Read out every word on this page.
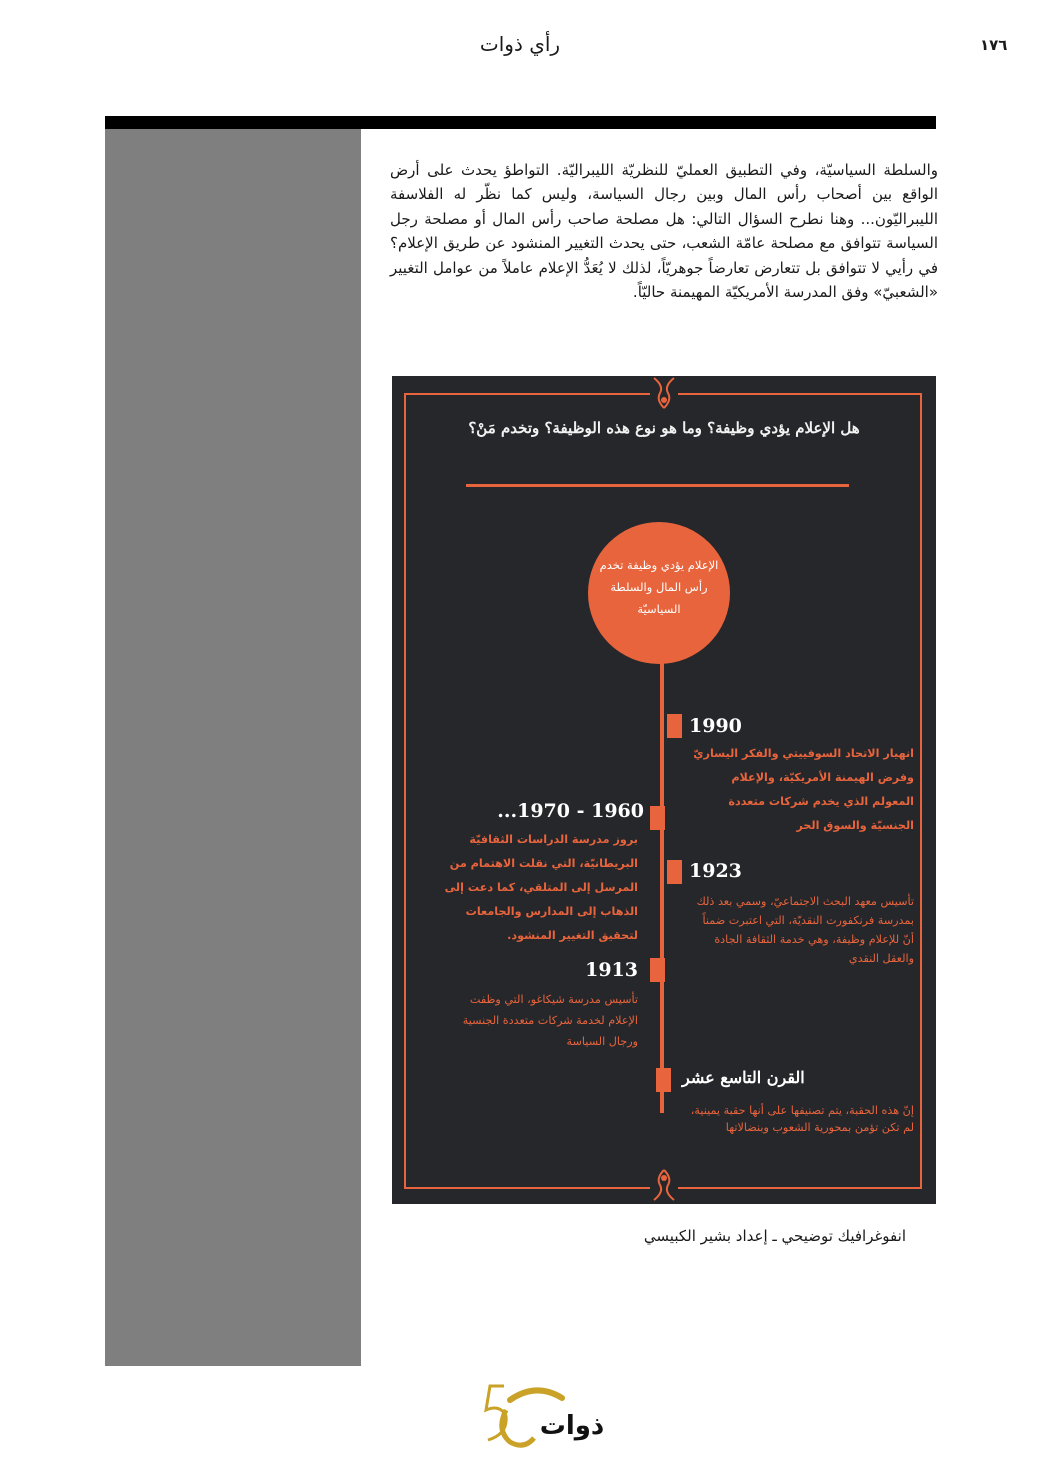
١٧٦
رأي ذوات

والسلطة السياسيّة، وفي التطبيق العمليّ للنظريّة الليبراليّة. التواطؤ يحدث على أرض الواقع بين أصحاب رأس المال وبين رجال السياسة، وليس كما نظّر له الفلاسفة الليبراليّون... وهنا نطرح السؤال التالي: هل مصلحة صاحب رأس المال أو مصلحة رجل السياسة تتوافق مع مصلحة عامّة الشعب، حتى يحدث التغيير المنشود عن طريق الإعلام؟ في رأيي لا تتوافق بل تتعارض تعارضاً جوهريّاً، لذلك لا يُعَدُّ الإعلام عاملاً من عوامل التغيير «الشعبيّ» وفق المدرسة الأمريكيّة المهيمنة حاليّاً.

هل الإعلام يؤدي وظيفة؟ وما هو نوع هذه الوظيفة؟ وتخدم مَنْ؟
الإعلام يؤدي وظيفة تخدم رأس المال والسلطة السياسيّة
1990
انهيار الاتحاد السوفييتي والفكر اليساريّ وفرض الهيمنة الأمريكيّة، والإعلام المعولم الذي يخدم شركات متعددة الجنسيّة والسوق الحر
1960 - 1970...
بروز مدرسة الدراسات الثقافيّة البريطانيّة، التي نقلت الاهتمام من المرسل إلى المتلقي، كما دعت إلى الذهاب إلى المدارس والجامعات لتحقيق التغيير المنشود.
1923
تأسيس معهد البحث الاجتماعيّ، وسمي بعد ذلك بمدرسة فرنكفورت النقديّة، التي اعتبرت ضمناً أنّ للإعلام وظيفة، وهي خدمة الثقافة الجادة والعقل النقدي
1913
تأسيس مدرسة شيكاغو، التي وظفت الإعلام لخدمة شركات متعددة الجنسية ورجال السياسة
القرن التاسع عشر
إنّ هذه الحقبة، يتم تصنيفها على أنها حقبة يمينية، لم تكن تؤمن بمحورية الشعوب وبنضالاتها
انفوغرافيك توضيحي ـ إعداد بشير الكبيسي
ذوات
